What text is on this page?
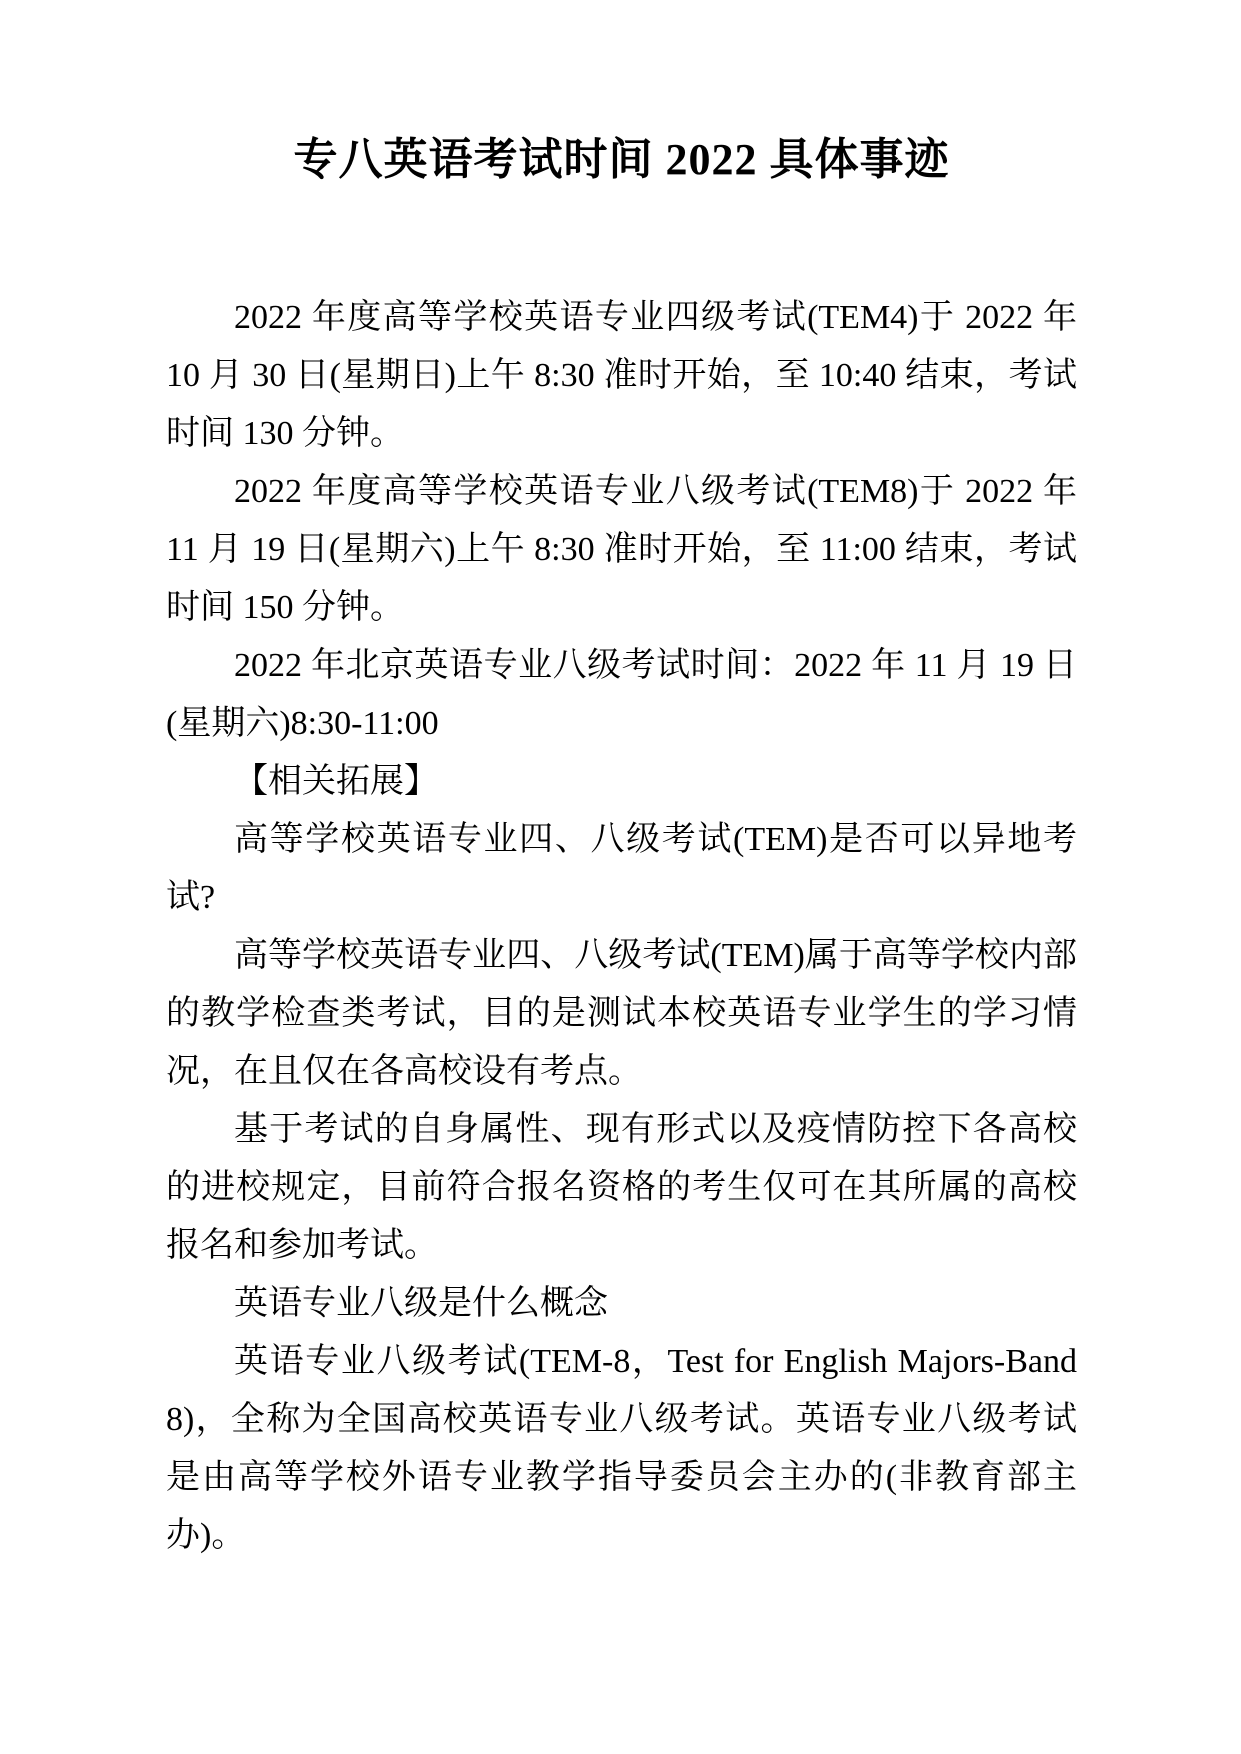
专八英语考试时间 2022 具体事迹

2022 年度高等学校英语专业四级考试(TEM4)于 2022 年 10 月 30 日(星期日)上午 8:30 准时开始，至 10:40 结束，考试时间 130 分钟。

2022 年度高等学校英语专业八级考试(TEM8)于 2022 年 11 月 19 日(星期六)上午 8:30 准时开始，至 11:00 结束，考试时间 150 分钟。

2022 年北京英语专业八级考试时间：2022 年 11 月 19 日(星期六)8:30-11:00

【相关拓展】

高等学校英语专业四、八级考试(TEM)是否可以异地考试?

高等学校英语专业四、八级考试(TEM)属于高等学校内部的教学检查类考试，目的是测试本校英语专业学生的学习情况，在且仅在各高校设有考点。

基于考试的自身属性、现有形式以及疫情防控下各高校的进校规定，目前符合报名资格的考生仅可在其所属的高校报名和参加考试。

英语专业八级是什么概念

英语专业八级考试(TEM-8，Test for English Majors-Band 8)，全称为全国高校英语专业八级考试。英语专业八级考试是由高等学校外语专业教学指导委员会主办的(非教育部主办)。
